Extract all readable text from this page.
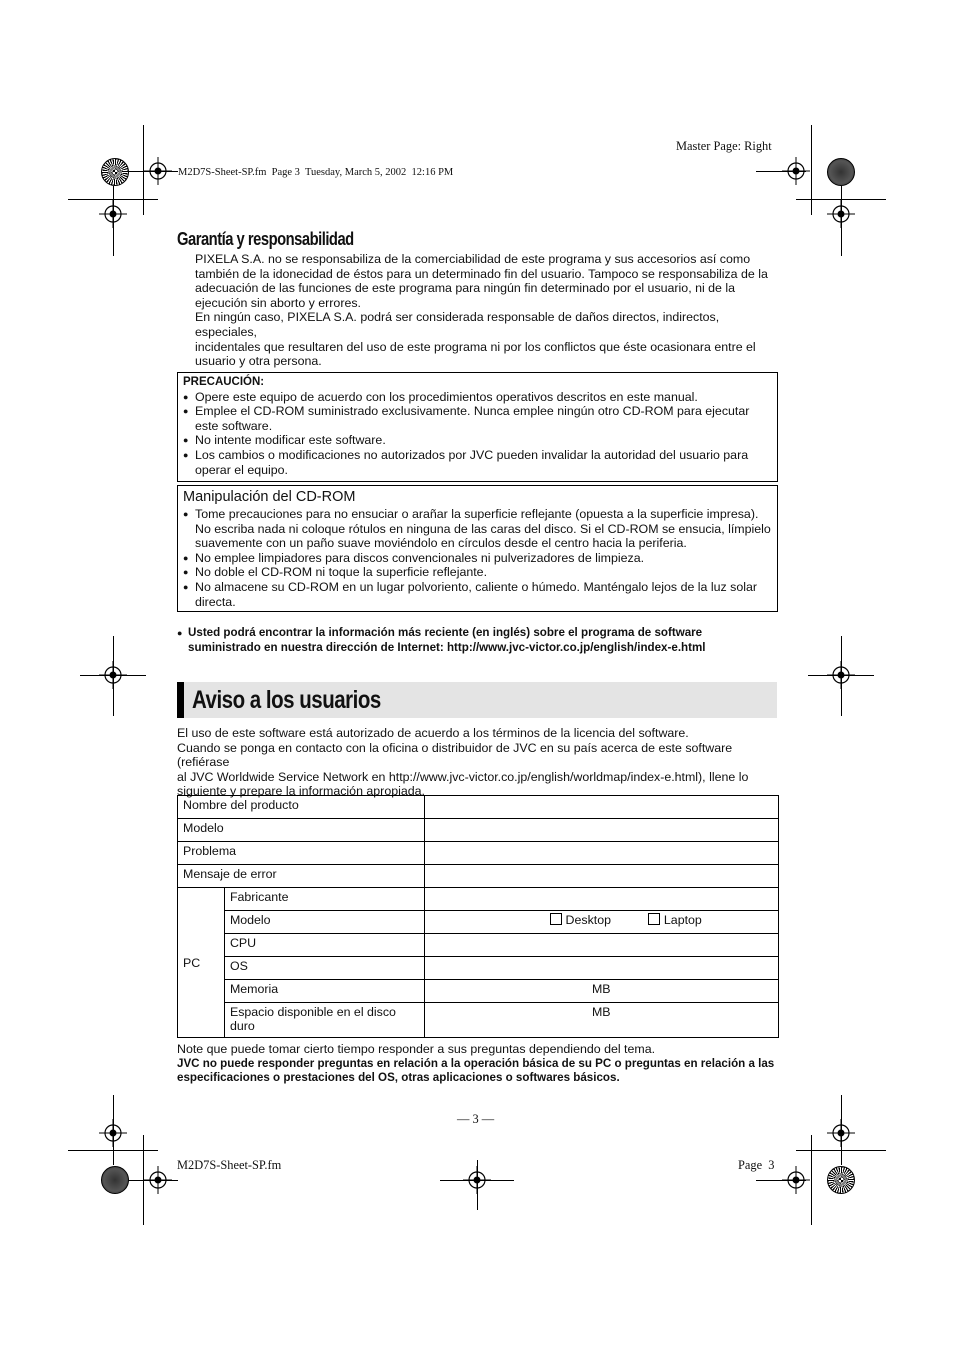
Master Page: Right
M2D7S-Sheet-SP.fm  Page 3  Tuesday, March 5, 2002  12:16 PM
Garantía y responsabilidad
PIXELA S.A. no se responsabiliza de la comerciabilidad de este programa y sus accesorios así como
también de la idonecidad de éstos para un determinado fin del usuario. Tampoco se responsabiliza de la
adecuación de las funciones de este programa para ningún fin determinado por el usuario, ni de la
ejecución sin aborto y errores.
En ningún caso, PIXELA S.A. podrá ser considerada responsable de daños directos, indirectos, especiales,
incidentales que resultaren del uso de este programa ni por los conflictos que éste ocasionara entre el
usuario y otra persona.
PRECAUCIÓN:
● Opere este equipo de acuerdo con los procedimientos operativos descritos en este manual.
● Emplee el CD-ROM suministrado exclusivamente. Nunca emplee ningún otro CD-ROM para ejecutar
este software.
● No intente modificar este software.
● Los cambios o modificaciones no autorizados por JVC pueden invalidar la autoridad del usuario para
operar el equipo.
Manipulación del CD-ROM
● Tome precauciones para no ensuciar o arañar la superficie reflejante (opuesta a la superficie impresa).
No escriba nada ni coloque rótulos en ninguna de las caras del disco. Si el CD-ROM se ensucia, límpielo
suavemente con un paño suave moviéndolo en círculos desde el centro hacia la periferia.
● No emplee limpiadores para discos convencionales ni pulverizadores de limpieza.
● No doble el CD-ROM ni toque la superficie reflejante.
● No almacene su CD-ROM en un lugar polvoriento, caliente o húmedo. Manténgalo lejos de la luz solar
directa.
● Usted podrá encontrar la información más reciente (en inglés) sobre el programa de software
suministrado en nuestra dirección de Internet: http://www.jvc-victor.co.jp/english/index-e.html
Aviso a los usuarios
El uso de este software está autorizado de acuerdo a los términos de la licencia del software.
Cuando se ponga en contacto con la oficina o distribuidor de JVC en su país acerca de este software (refiérase
al JVC Worldwide Service Network en http://www.jvc-victor.co.jp/english/worldmap/index-e.html), llene lo
siguiente y prepare la información apropiada.
Nombre del producto		
Modelo		
Problema		
Mensaje de error		
PC	Fabricante	
	Modelo	Desktop Laptop
	CPU	
	OS	
	Memoria	MB
	Espacio disponible en el disco duro	MB
Note que puede tomar cierto tiempo responder a sus preguntas dependiendo del tema.
JVC no puede responder preguntas en relación a la operación básica de su PC o preguntas en relación a las
especificaciones o prestaciones del OS, otras aplicaciones o softwares básicos.
— 3 —
M2D7S-Sheet-SP.fm	Page  3
